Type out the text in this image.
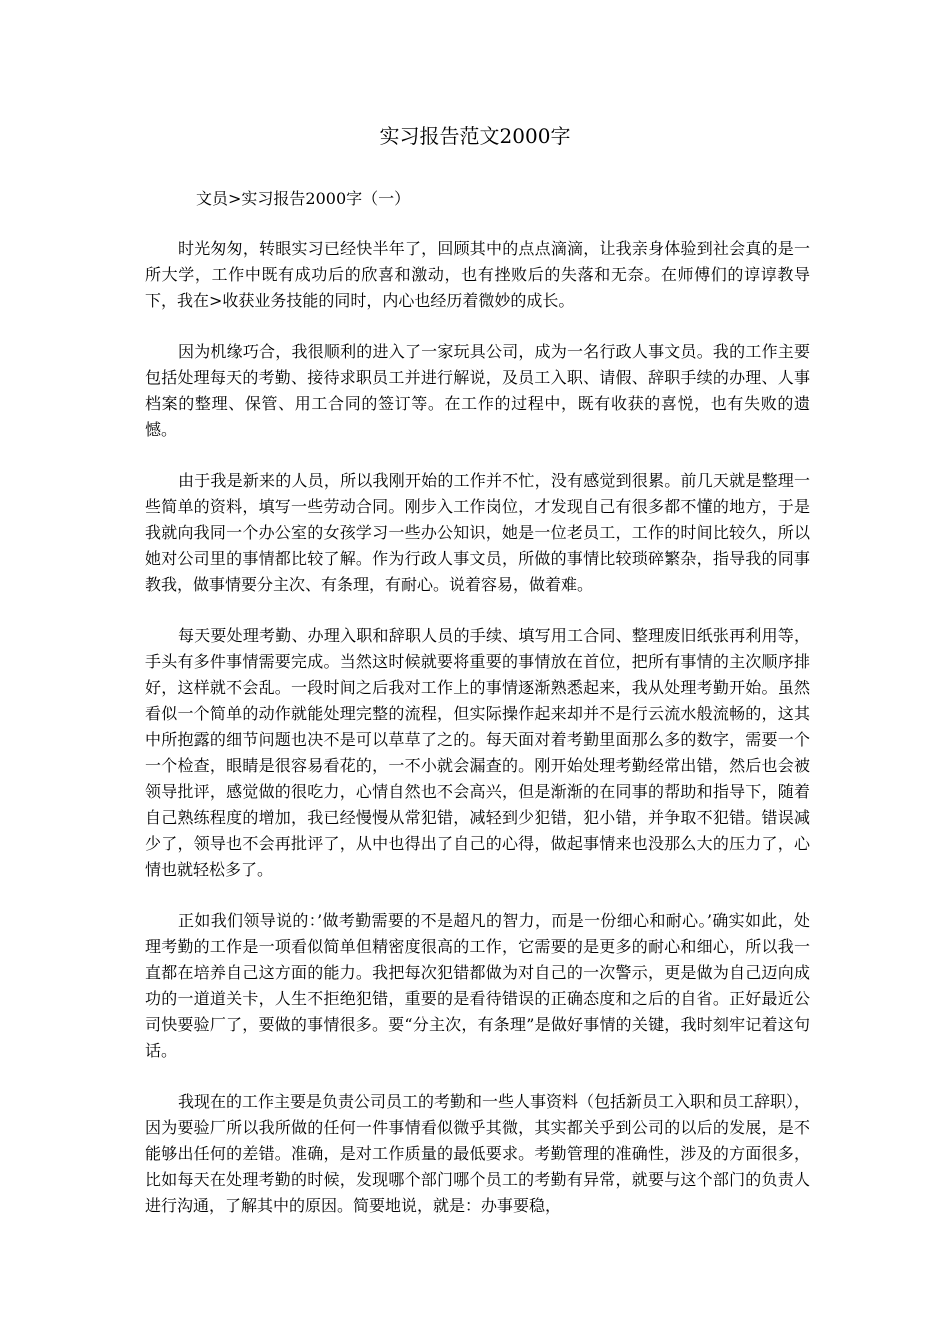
实习报告范文2000字

文员>实习报告2000字（一）

时光匆匆，转眼实习已经快半年了，回顾其中的点点滴滴，让我亲身体验到社会真的是一所大学，工作中既有成功后的欣喜和激动，也有挫败后的失落和无奈。在师傅们的谆谆教导下，我在>收获业务技能的同时，内心也经历着微妙的成长。

因为机缘巧合，我很顺利的进入了一家玩具公司，成为一名行政人事文员。我的工作主要包括处理每天的考勤、接待求职员工并进行解说，及员工入职、请假、辞职手续的办理、人事档案的整理、保管、用工合同的签订等。在工作的过程中，既有收获的喜悦，也有失败的遗憾。

由于我是新来的人员，所以我刚开始的工作并不忙，没有感觉到很累。前几天就是整理一些简单的资料，填写一些劳动合同。刚步入工作岗位，才发现自己有很多都不懂的地方，于是我就向我同一个办公室的女孩学习一些办公知识，她是一位老员工，工作的时间比较久，所以她对公司里的事情都比较了解。作为行政人事文员，所做的事情比较琐碎繁杂，指导我的同事教我，做事情要分主次、有条理，有耐心。说着容易，做着难。

每天要处理考勤、办理入职和辞职人员的手续、填写用工合同、整理废旧纸张再利用等，手头有多件事情需要完成。当然这时候就要将重要的事情放在首位，把所有事情的主次顺序排好，这样就不会乱。一段时间之后我对工作上的事情逐渐熟悉起来，我从处理考勤开始。虽然看似一个简单的动作就能处理完整的流程，但实际操作起来却并不是行云流水般流畅的，这其中所抱露的细节问题也决不是可以草草了之的。每天面对着考勤里面那么多的数字，需要一个一个检查，眼睛是很容易看花的，一不小就会漏查的。刚开始处理考勤经常出错，然后也会被领导批评，感觉做的很吃力，心情自然也不会高兴，但是渐渐的在同事的帮助和指导下，随着自己熟练程度的增加，我已经慢慢从常犯错，减轻到少犯错，犯小错，并争取不犯错。错误减少了，领导也不会再批评了，从中也得出了自己的心得，做起事情来也没那么大的压力了，心情也就轻松多了。

正如我们领导说的：’做考勤需要的不是超凡的智力，而是一份细心和耐心。’确实如此，处理考勤的工作是一项看似简单但精密度很高的工作，它需要的是更多的耐心和细心，所以我一直都在培养自己这方面的能力。我把每次犯错都做为对自己的一次警示，更是做为自己迈向成功的一道道关卡，人生不拒绝犯错，重要的是看待错误的正确态度和之后的自省。正好最近公司快要验厂了，要做的事情很多。要“分主次，有条理”是做好事情的关键，我时刻牢记着这句话。

我现在的工作主要是负责公司员工的考勤和一些人事资料（包括新员工入职和员工辞职），因为要验厂所以我所做的任何一件事情看似微乎其微，其实都关乎到公司的以后的发展，是不能够出任何的差错。准确，是对工作质量的最低要求。考勤管理的准确性，涉及的方面很多，比如每天在处理考勤的时候，发现哪个部门哪个员工的考勤有异常，就要与这个部门的负责人进行沟通，了解其中的原因。简要地说，就是：办事要稳，
